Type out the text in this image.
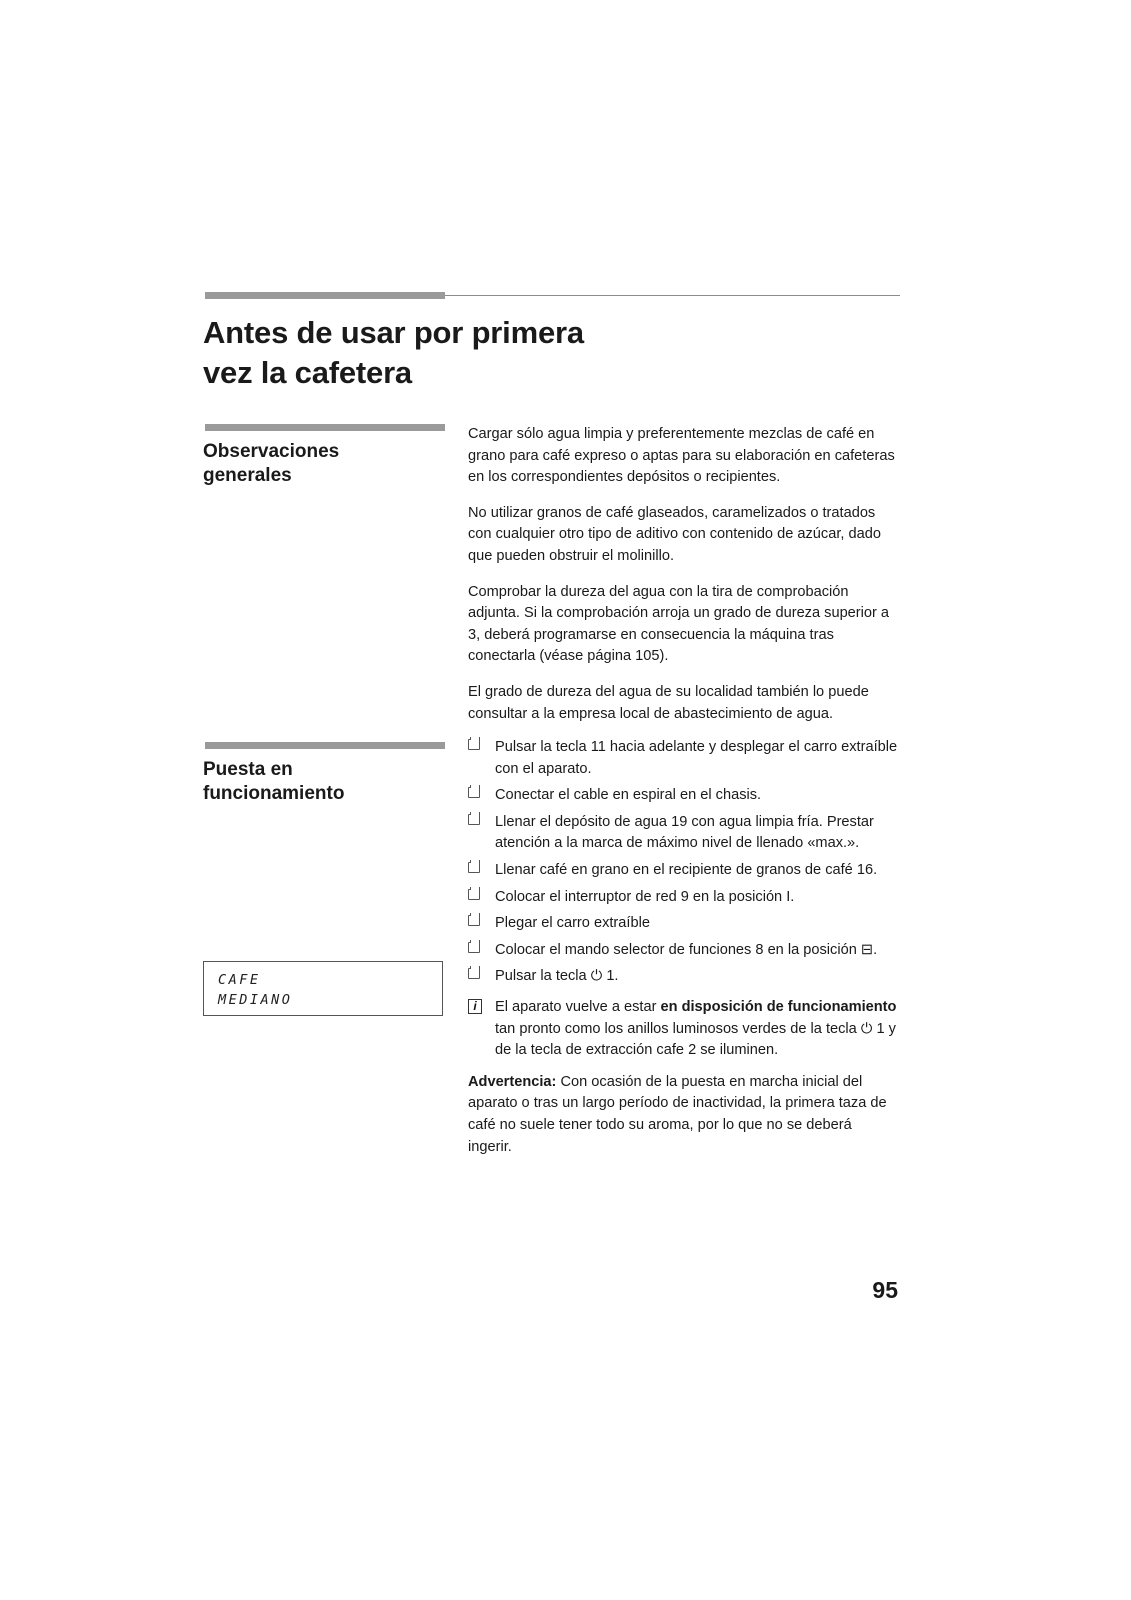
Antes de usar por primera
vez la cafetera
Observaciones
generales

Cargar sólo agua limpia y preferentemente mezclas de café en grano para café expreso o aptas para su elaboración en cafeteras en los correspondientes depósitos o recipientes.

No utilizar granos de café glaseados, caramelizados o tratados con cualquier otro tipo de aditivo con contenido de azúcar, dado que pueden obstruir el molinillo.

Comprobar la dureza del agua con la tira de comprobación adjunta. Si la comprobación arroja un grado de dureza superior a 3, deberá programarse en consecuencia la máquina tras conectarla (véase página 105).

El grado de dureza del agua de su localidad también lo puede consultar a la empresa local de abastecimiento de agua.

Puesta en
funcionamiento
Pulsar la tecla 11 hacia adelante y desplegar el carro extraíble con el aparato.
Conectar el cable en espiral en el chasis.
Llenar el depósito de agua 19 con agua limpia fría. Prestar atención a la marca de máximo nivel de llenado «max.».
Llenar café en grano en el recipiente de granos de café 16.
Colocar el interruptor de red 9 en la posición I.
Plegar el carro extraíble
Colocar el mando selector de funciones 8 en la posición ⊟.
Pulsar la tecla ⏻ 1.
i	El aparato vuelve a estar en disposición de funcionamiento tan pronto como los anillos luminosos verdes de la tecla ⏻ 1 y de la tecla de extracción cafe 2 se iluminen.
Advertencia: Con ocasión de la puesta en marcha inicial del aparato o tras un largo período de inactividad, la primera taza de café no suele tener todo su aroma, por lo que no se deberá ingerir.
CAFE
MEDIANO
95
